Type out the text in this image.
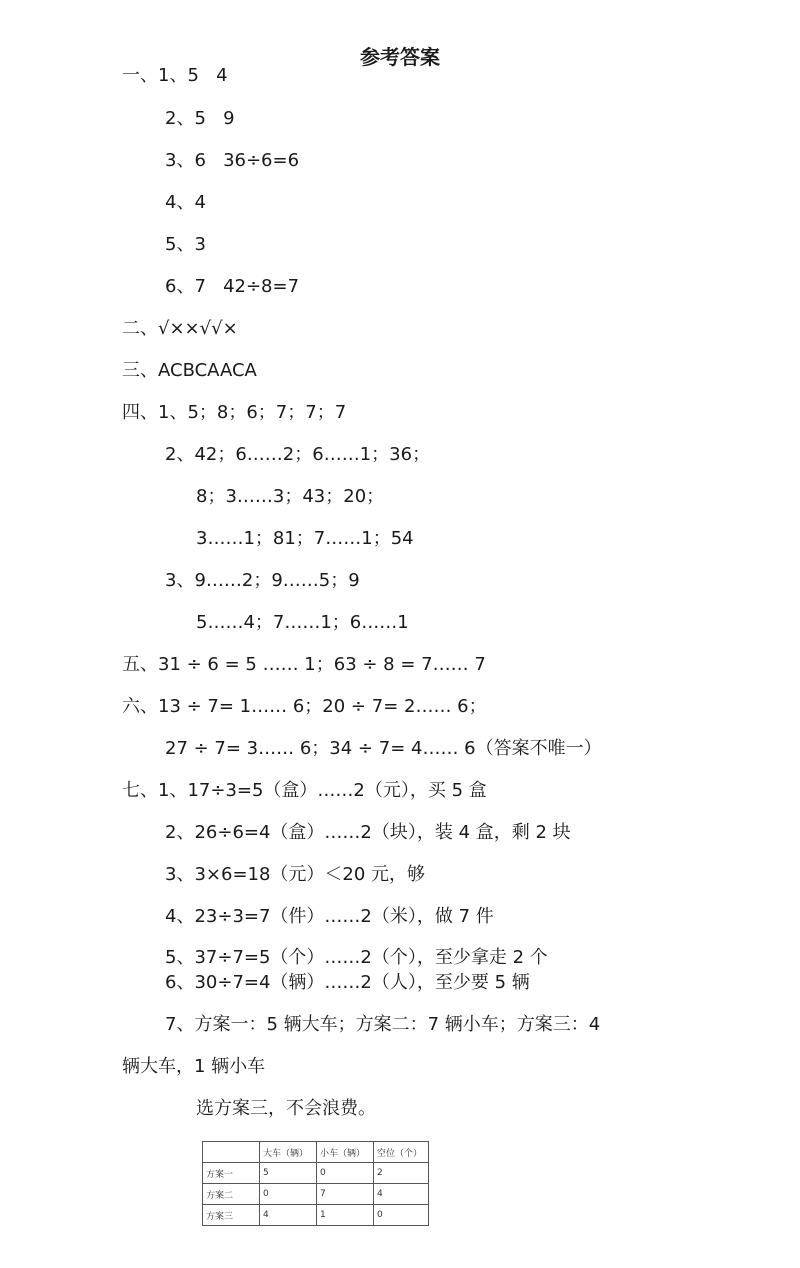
参考答案
一、1、5   4
2、5   9
3、6   36÷6=6
4、4
5、3
6、7   42÷8=7
二、√××√√×
三、ACBCAACA
四、1、5；8；6；7；7；7
2、42；6……2；6……1；36；
8；3……3；43；20；
3……1；81；7……1；54
3、9……2；9……5；9
5……4；7……1；6……1
五、31 ÷ 6 = 5 …… 1；63 ÷ 8 = 7…… 7
六、13 ÷ 7= 1…… 6；20 ÷ 7= 2…… 6；
27 ÷ 7= 3…… 6；34 ÷ 7= 4…… 6（答案不唯一）
七、1、17÷3=5（盒）……2（元），买 5 盒
2、26÷6=4（盒）……2（块），装 4 盒，剩 2 块
3、3×6=18（元）＜20 元，够
4、23÷3=7（件）……2（米），做 7 件
5、37÷7=5（个）……2（个），至少拿走 2 个
6、30÷7=4（辆）……2（人），至少要 5 辆
7、方案一：5 辆大车；方案二：7 辆小车；方案三：4
辆大车，1 辆小车
选方案三，不会浪费。
	大车（辆）	小车（辆）	空位（个）
方案一	5	0	2
方案二	0	7	4
方案三	4	1	0
